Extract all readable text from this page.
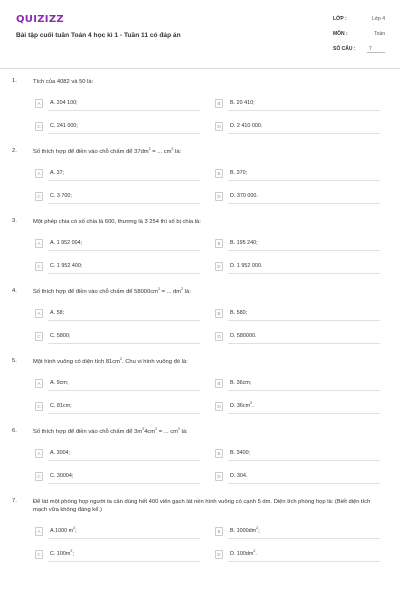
QUIZIZZ
Bài tập cuối tuần Toán 4 học kì 1 - Tuần 11 có đáp án
LỚP :	Lớp 4
MÔN :	Toán
SỐ CÂU :	7
1.	Tích của 4082 và 50 là:
A	A. 204 100;	B	B. 20 410;
C	C. 241 000;	D	D. 2 410 000.
2.	Số thích hợp để điền vào chỗ chấm để $37dm^2$ = ... $cm^2$ là:
A	A. 37;	B	B. 370;
C	C. 3 700;	D	D. 370 000.
3.	Một phép chia có số chia là 600, thương là 3 254 thì số bị chia là:
A	A. 1 952 004;	B	B. 195 240;
C	C. 1 952 400;	D	D. 1 952 000.
4.	Số thích hợp để điền vào chỗ chấm để $58000cm^2$ = ... $dm^2$ là:
A	A. 58;	B	B. 580;
C	C. 5800;	D	D. 580000.
5.	Một hình vuông có diện tích $81cm^2$. Chu vi hình vuông đó là:
A	A. 9cm;	B	B. 36cm;
C	C. 81cm;	D	D. $36cm^2$.
6.	Số thích hợp để điền vào chỗ chấm để $3m^24cm^2$ = ... $cm^2$ là:
A	A. 3004;	B	B. 3400;
C	C. 30004;	D	D. 304.
7.	Để lát một phòng họp người ta cần dùng hết 400 viên gạch lát nền hình vuông có cạnh 5 dm. Diện tích phòng họp là: (Biết diện tích mạch vữa không đáng kể.)
A	A.1000 $m^2$;	B	B. $1000dm^2$;
C	C. $100m^2$;	D	D. $100dm^2$.
